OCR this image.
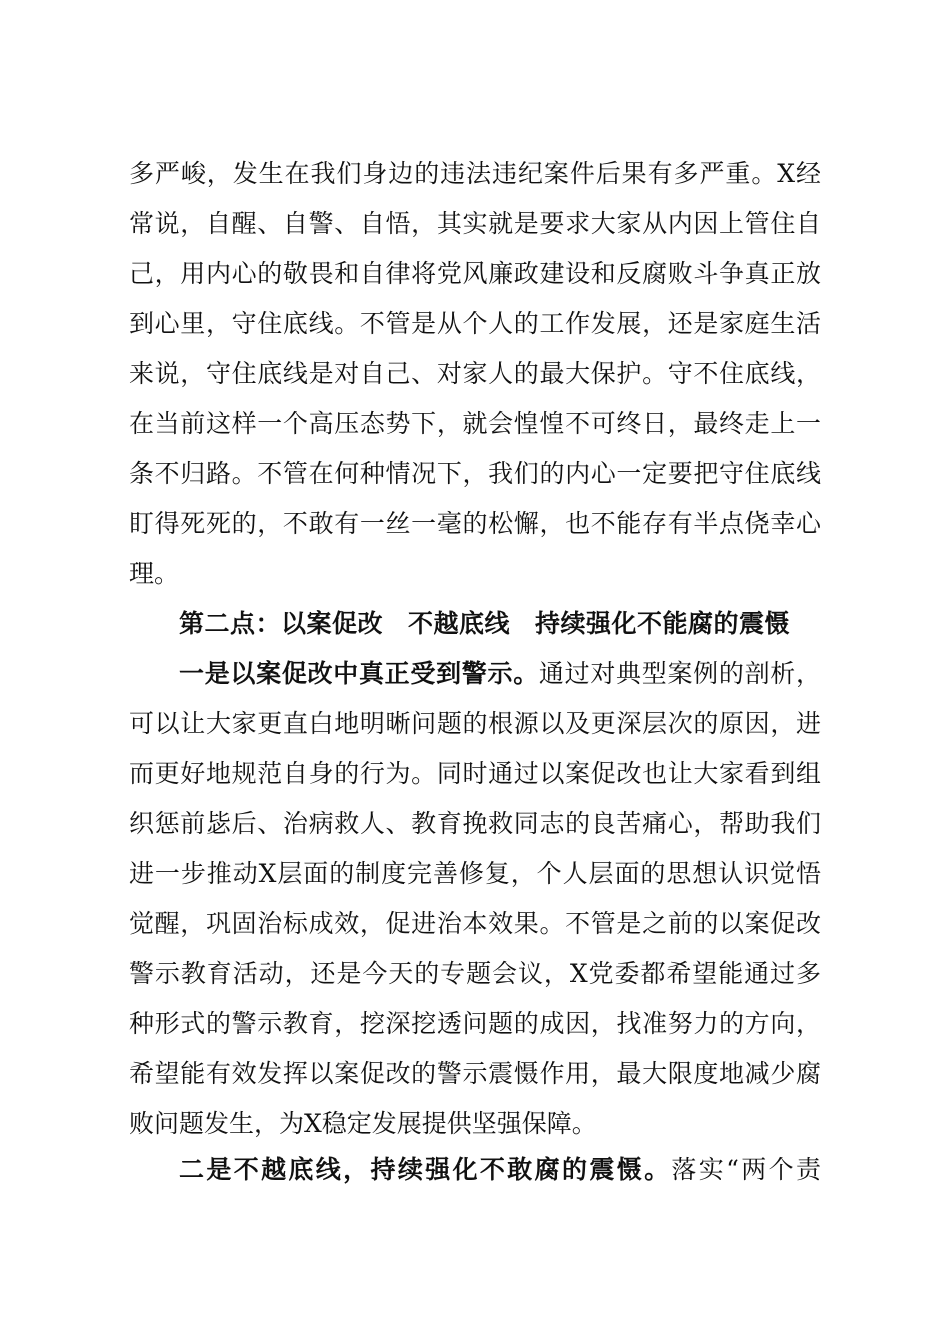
多严峻，发生在我们身边的违法违纪案件后果有多严重。X经
常说，自醒、自警、自悟，其实就是要求大家从内因上管住自
己，用内心的敬畏和自律将党风廉政建设和反腐败斗争真正放
到心里，守住底线。不管是从个人的工作发展，还是家庭生活
来说，守住底线是对自己、对家人的最大保护。守不住底线，
在当前这样一个高压态势下，就会惶惶不可终日，最终走上一
条不归路。不管在何种情况下，我们的内心一定要把守住底线
盯得死死的，不敢有一丝一毫的松懈，也不能存有半点侥幸心
理。
第二点：以案促改 不越底线 持续强化不能腐的震慑
一是以案促改中真正受到警示。通过对典型案例的剖析，
可以让大家更直白地明晰问题的根源以及更深层次的原因，进
而更好地规范自身的行为。同时通过以案促改也让大家看到组
织惩前毖后、治病救人、教育挽救同志的良苦痛心，帮助我们
进一步推动X层面的制度完善修复，个人层面的思想认识觉悟
觉醒，巩固治标成效，促进治本效果。不管是之前的以案促改
警示教育活动，还是今天的专题会议，X党委都希望能通过多
种形式的警示教育，挖深挖透问题的成因，找准努力的方向，
希望能有效发挥以案促改的警示震慑作用，最大限度地减少腐
败问题发生，为X稳定发展提供坚强保障。
二是不越底线，持续强化不敢腐的震慑。落实“两个责
